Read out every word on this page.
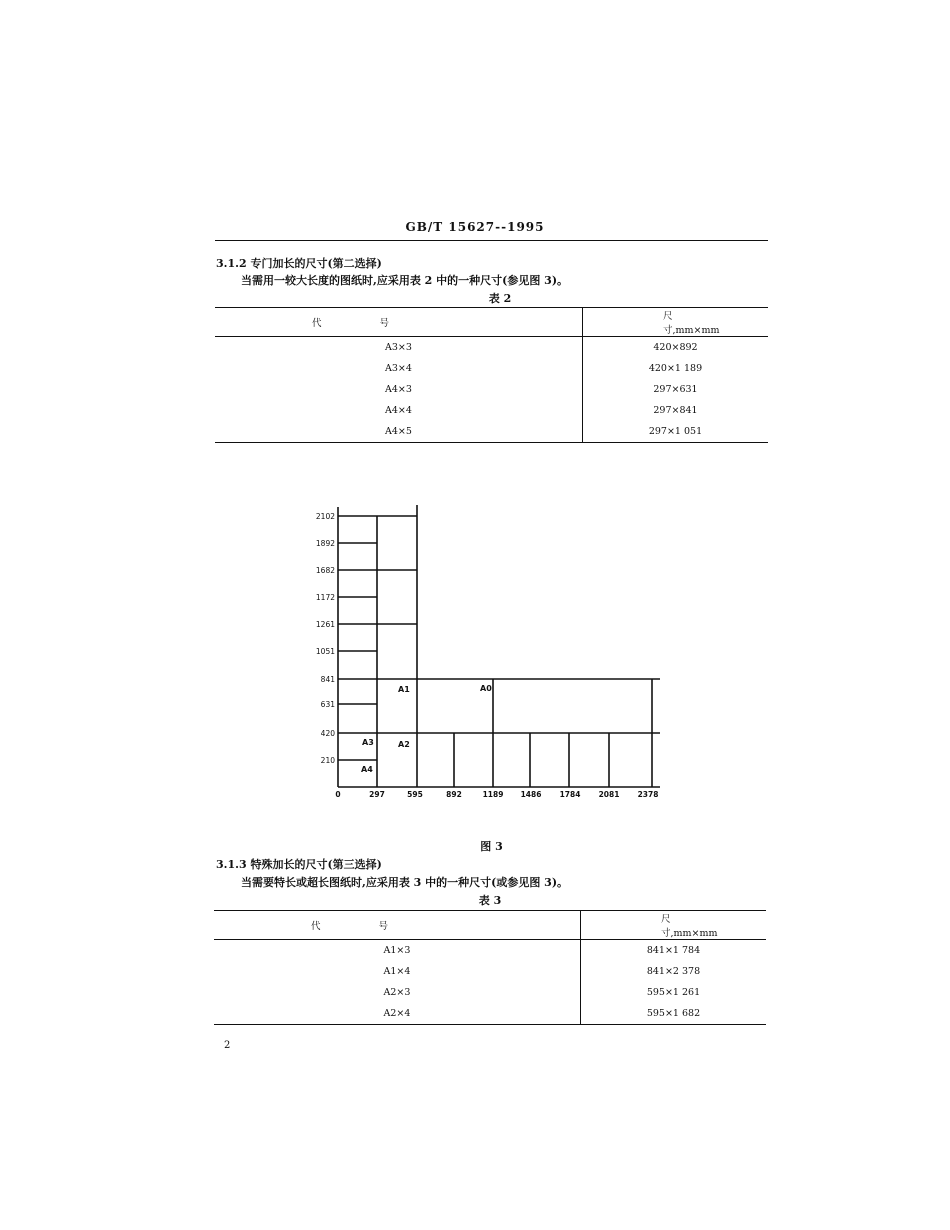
GB/T 15627--1995
3.1.2 专门加长的尺寸(第二选择)
当需用一较大长度的图纸时,应采用表 2 中的一种尺寸(参见图 3)。
表 2
代 号	尺寸,mm×mm
A3×3	420×892
A3×4	420×1 189
A4×3	297×631
A4×4	297×841
A4×5	297×1 051
2102
1892
1682
1172
1261
1051
841
631
420
210
0	297	595	892	1189 1486 1784 2081 2378
A1	A0
A3	A2
A4
图 3
3.1.3 特殊加长的尺寸(第三选择)
当需要特长或超长图纸时,应采用表 3 中的一种尺寸(或参见图 3)。
表 3
代 号	尺寸,mm×mm
A1×3	841×1 784
A1×4	841×2 378
A2×3	595×1 261
A2×4	595×1 682
2
